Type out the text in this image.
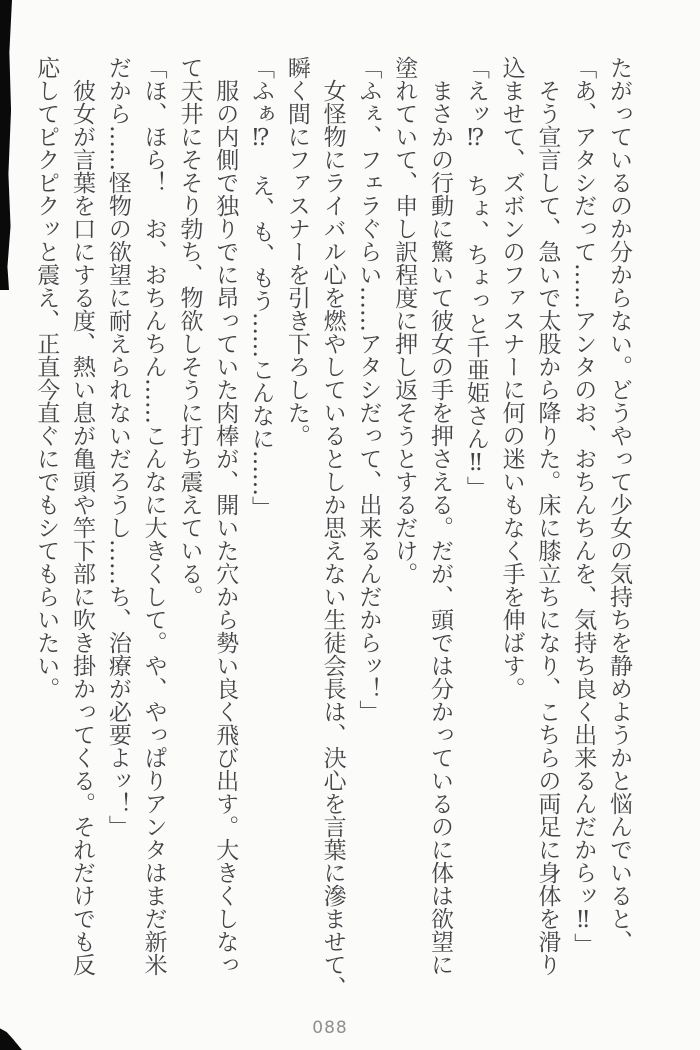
たがっているのか分からない。どうやって少女の気持ちを静めようかと悩んでいると、
「あ、アタシだって……アンタのお、おちんちんを、気持ち良く出来るんだからッ‼」
そう宣言して、急いで太股から降りた。床に膝立ちになり、こちらの両足に身体を滑り
込ませて、ズボンのファスナーに何の迷いもなく手を伸ばす。
「えッ⁉　ちょ、ちょっと千亜姫さん‼」
まさかの行動に驚いて彼女の手を押さえる。だが、頭では分かっているのに体は欲望に
塗れていて、申し訳程度に押し返そうとするだけ。
「ふぇ、フェラぐらい……アタシだって、出来るんだからッ！」
女怪物にライバル心を燃やしているとしか思えない生徒会長は、決心を言葉に滲ませて、
瞬く間にファスナーを引き下ろした。
「ふぁ⁉　え、も、もう……こんなに……」
服の内側で独りでに昂っていた肉棒が、開いた穴から勢い良く飛び出す。大きくしなっ
て天井にそそり勃ち、物欲しそうに打ち震えている。
「ほ、ほら！　お、おちんちん……こんなに大きくして。や、やっぱりアンタはまだ新米
だから……怪物の欲望に耐えられないだろうし……ち、治療が必要よッ！」
彼女が言葉を口にする度、熱い息が亀頭や竿下部に吹き掛かってくる。それだけでも反
応してピクピクッと震え、正直今直ぐにでもシてもらいたい。
088
